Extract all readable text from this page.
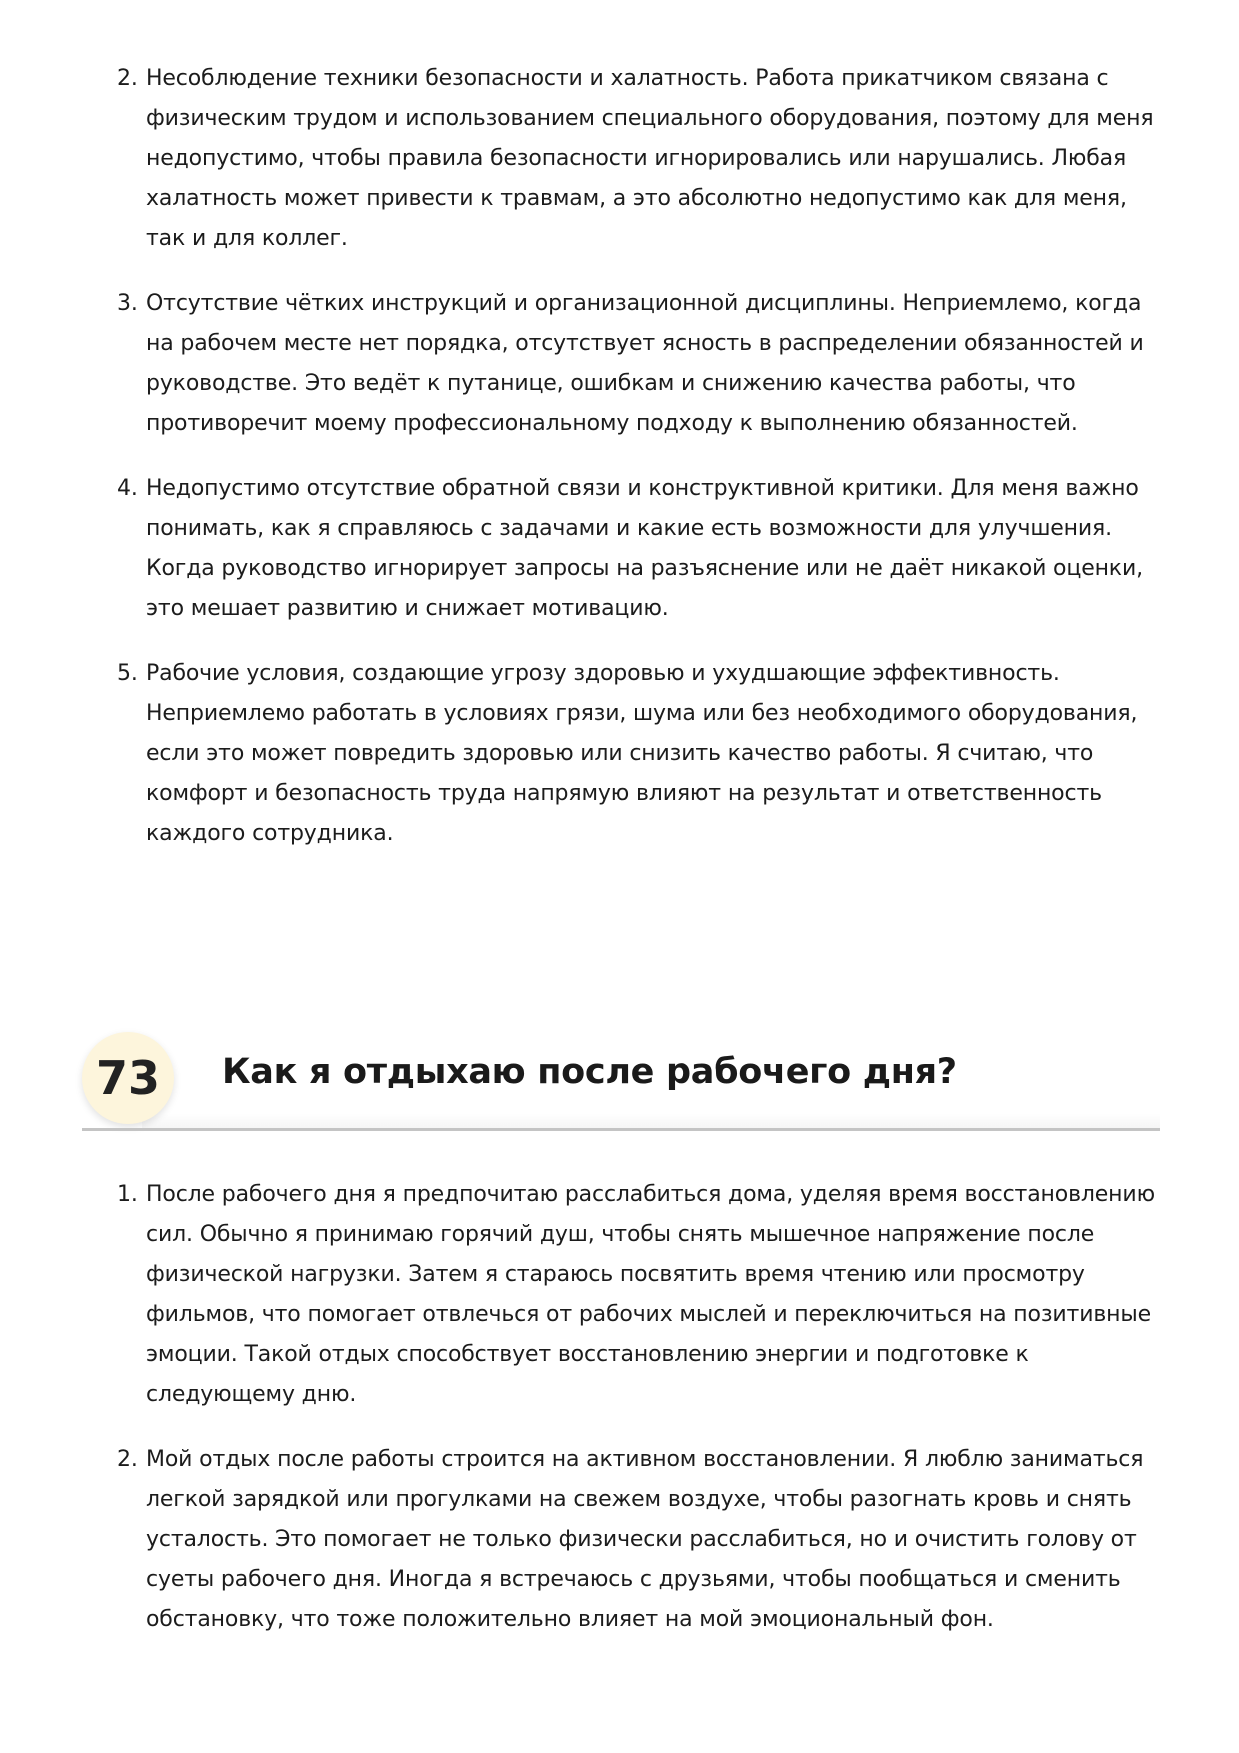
2. Несоблюдение техники безопасности и халатность. Работа прикатчиком связана с физическим трудом и использованием специального оборудования, поэтому для меня недопустимо, чтобы правила безопасности игнорировались или нарушались. Любая халатность может привести к травмам, а это абсолютно недопустимо как для меня, так и для коллег.
3. Отсутствие чётких инструкций и организационной дисциплины. Неприемлемо, когда на рабочем месте нет порядка, отсутствует ясность в распределении обязанностей и руководстве. Это ведёт к путанице, ошибкам и снижению качества работы, что противоречит моему профессиональному подходу к выполнению обязанностей.
4. Недопустимо отсутствие обратной связи и конструктивной критики. Для меня важно понимать, как я справляюсь с задачами и какие есть возможности для улучшения. Когда руководство игнорирует запросы на разъяснение или не даёт никакой оценки, это мешает развитию и снижает мотивацию.
5. Рабочие условия, создающие угрозу здоровью и ухудшающие эффективность. Неприемлемо работать в условиях грязи, шума или без необходимого оборудования, если это может повредить здоровью или снизить качество работы. Я считаю, что комфорт и безопасность труда напрямую влияют на результат и ответственность каждого сотрудника.
73	Как я отдыхаю после рабочего дня?
1. После рабочего дня я предпочитаю расслабиться дома, уделяя время восстановлению сил. Обычно я принимаю горячий душ, чтобы снять мышечное напряжение после физической нагрузки. Затем я стараюсь посвятить время чтению или просмотру фильмов, что помогает отвлечься от рабочих мыслей и переключиться на позитивные эмоции. Такой отдых способствует восстановлению энергии и подготовке к следующему дню.
2. Мой отдых после работы строится на активном восстановлении. Я люблю заниматься легкой зарядкой или прогулками на свежем воздухе, чтобы разогнать кровь и снять усталость. Это помогает не только физически расслабиться, но и очистить голову от суеты рабочего дня. Иногда я встречаюсь с друзьями, чтобы пообщаться и сменить обстановку, что тоже положительно влияет на мой эмоциональный фон.
